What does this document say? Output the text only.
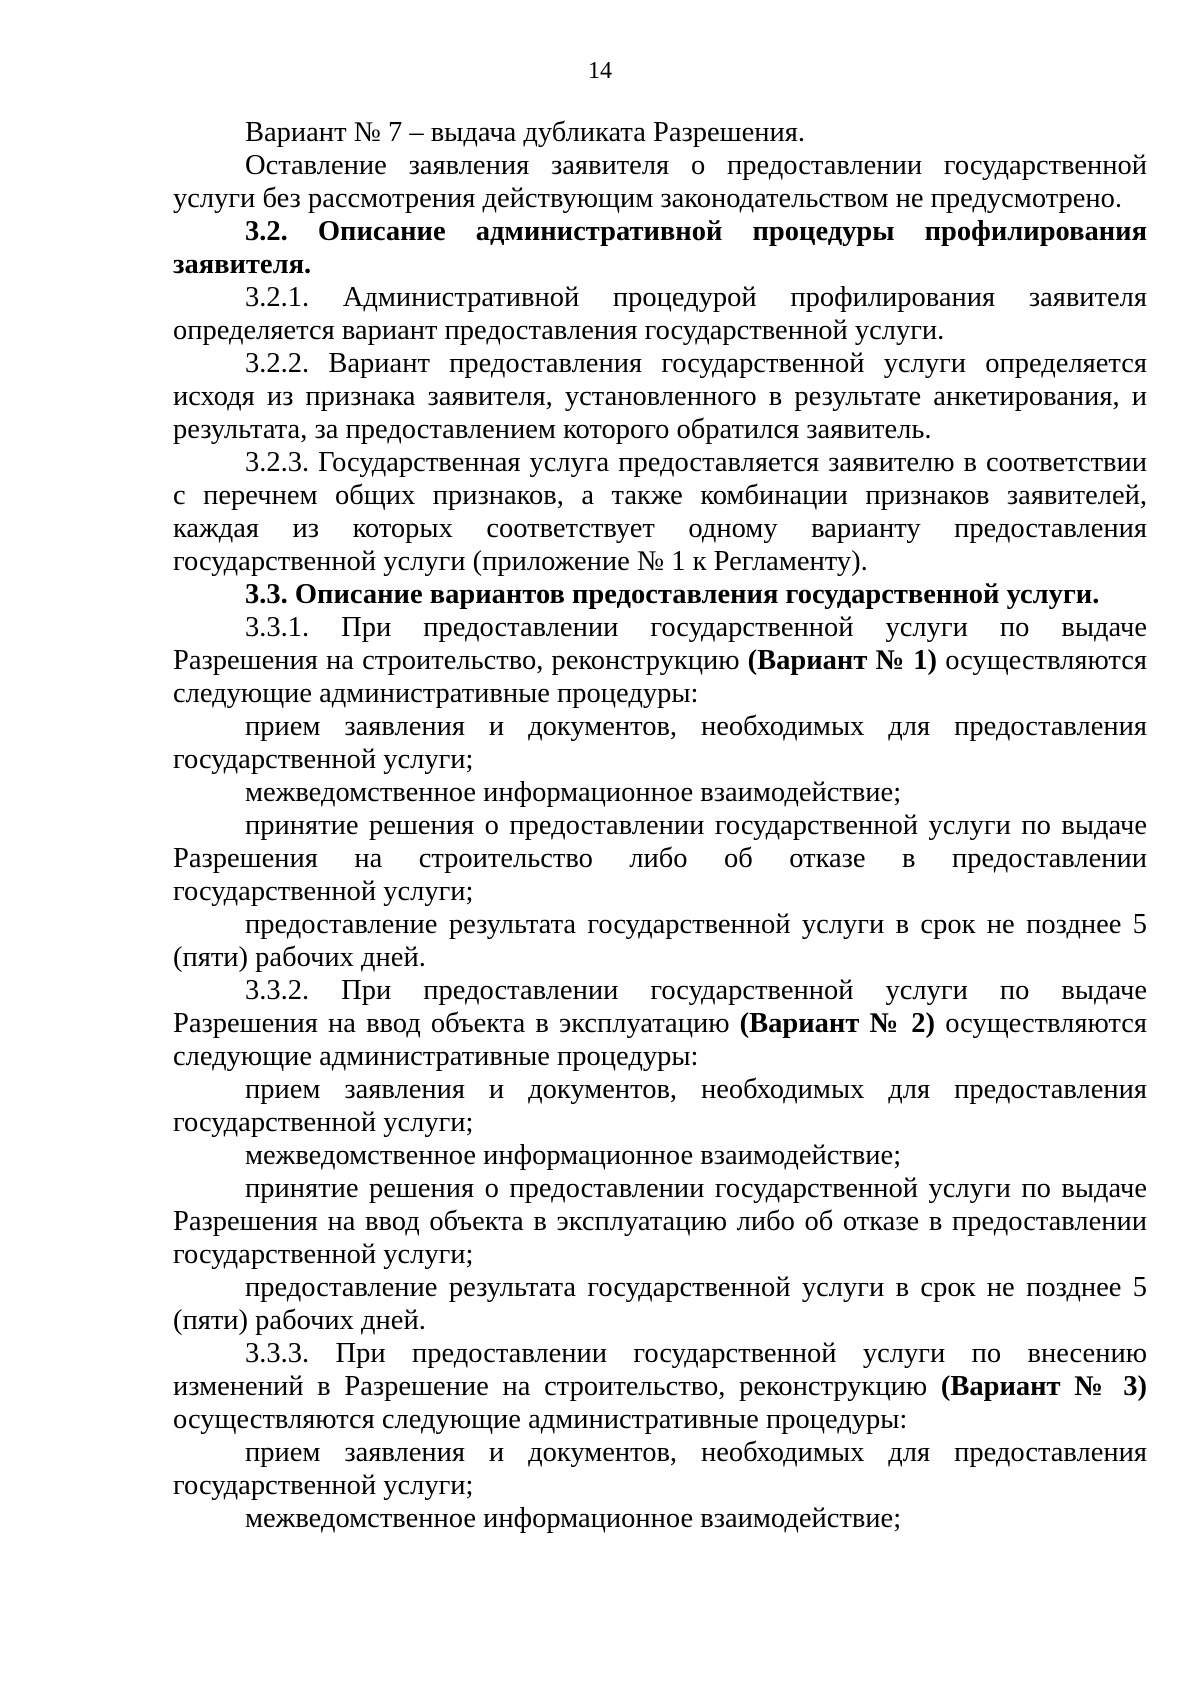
14

Вариант № 7 – выдача дубликата Разрешения.

Оставление заявления заявителя о предоставлении государственной услуги без рассмотрения действующим законодательством не предусмотрено.

3.2. Описание административной процедуры профилирования заявителя.

3.2.1. Административной процедурой профилирования заявителя определяется вариант предоставления государственной услуги.

3.2.2. Вариант предоставления государственной услуги определяется исходя из признака заявителя, установленного в результате анкетирования, и результата, за предоставлением которого обратился заявитель.

3.2.3. Государственная услуга предоставляется заявителю в соответствии с перечнем общих признаков, а также комбинации признаков заявителей, каждая из которых соответствует одному варианту предоставления государственной услуги (приложение № 1 к Регламенту).

3.3. Описание вариантов предоставления государственной услуги.

3.3.1. При предоставлении государственной услуги по выдаче Разрешения на строительство, реконструкцию (Вариант № 1) осуществляются следующие административные процедуры:

прием заявления и документов, необходимых для предоставления государственной услуги;

межведомственное информационное взаимодействие;

принятие решения о предоставлении государственной услуги по выдаче Разрешения на строительство либо об отказе в предоставлении государственной услуги;

предоставление результата государственной услуги в срок не позднее 5 (пяти) рабочих дней.

3.3.2. При предоставлении государственной услуги по выдаче Разрешения на ввод объекта в эксплуатацию (Вариант № 2) осуществляются следующие административные процедуры:

прием заявления и документов, необходимых для предоставления государственной услуги;

межведомственное информационное взаимодействие;

принятие решения о предоставлении государственной услуги по выдаче Разрешения на ввод объекта в эксплуатацию либо об отказе в предоставлении государственной услуги;

предоставление результата государственной услуги в срок не позднее 5 (пяти) рабочих дней.

3.3.3. При предоставлении государственной услуги по внесению изменений в Разрешение на строительство, реконструкцию (Вариант № 3) осуществляются следующие административные процедуры:

прием заявления и документов, необходимых для предоставления государственной услуги;

межведомственное информационное взаимодействие;
